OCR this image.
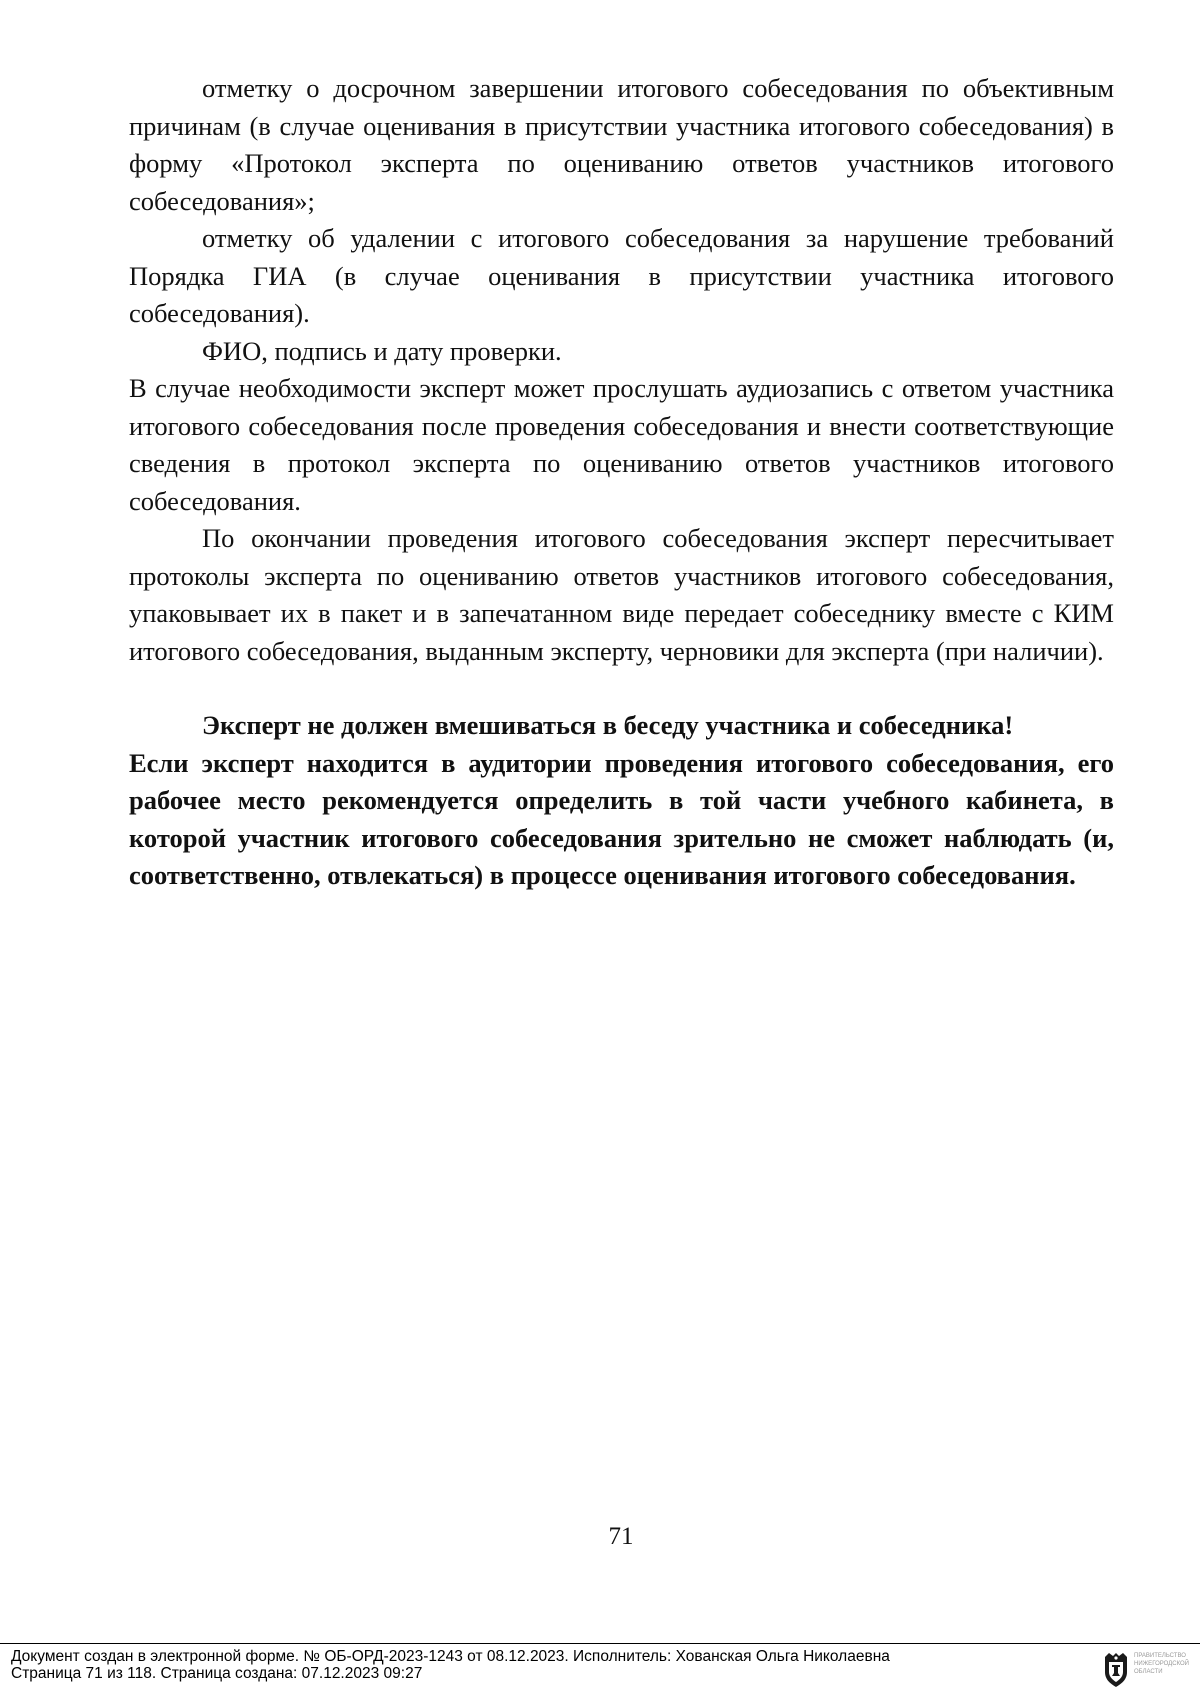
отметку о досрочном завершении итогового собеседования по объективным причинам (в случае оценивания в присутствии участника итогового собеседования) в форму «Протокол эксперта по оцениванию ответов участников итогового собеседования»;

отметку об удалении с итогового собеседования за нарушение требований Порядка ГИА (в случае оценивания в присутствии участника итогового собеседования).

ФИО, подпись и дату проверки.

В случае необходимости эксперт может прослушать аудиозапись с ответом участника итогового собеседования после проведения собеседования и внести соответствующие сведения в протокол эксперта по оцениванию ответов участников итогового собеседования.

По окончании проведения итогового собеседования эксперт пересчитывает протоколы эксперта по оцениванию ответов участников итогового собеседования, упаковывает их в пакет и в запечатанном виде передает собеседнику вместе с КИМ итогового собеседования, выданным эксперту, черновики для эксперта (при наличии).

Эксперт не должен вмешиваться в беседу участника и собеседника!

Если эксперт находится в аудитории проведения итогового собеседования, его рабочее место рекомендуется определить в той части учебного кабинета, в которой участник итогового собеседования зрительно не сможет наблюдать (и, соответственно, отвлекаться) в процессе оценивания итогового собеседования.

71
Документ создан в электронной форме. № ОБ-ОРД-2023-1243 от 08.12.2023. Исполнитель: Хованская Ольга Николаевна
Страница 71 из 118. Страница создана: 07.12.2023 09:27
ПРАВИТЕЛЬСТВО
НИЖЕГОРОДСКОЙ
ОБЛАСТИ
